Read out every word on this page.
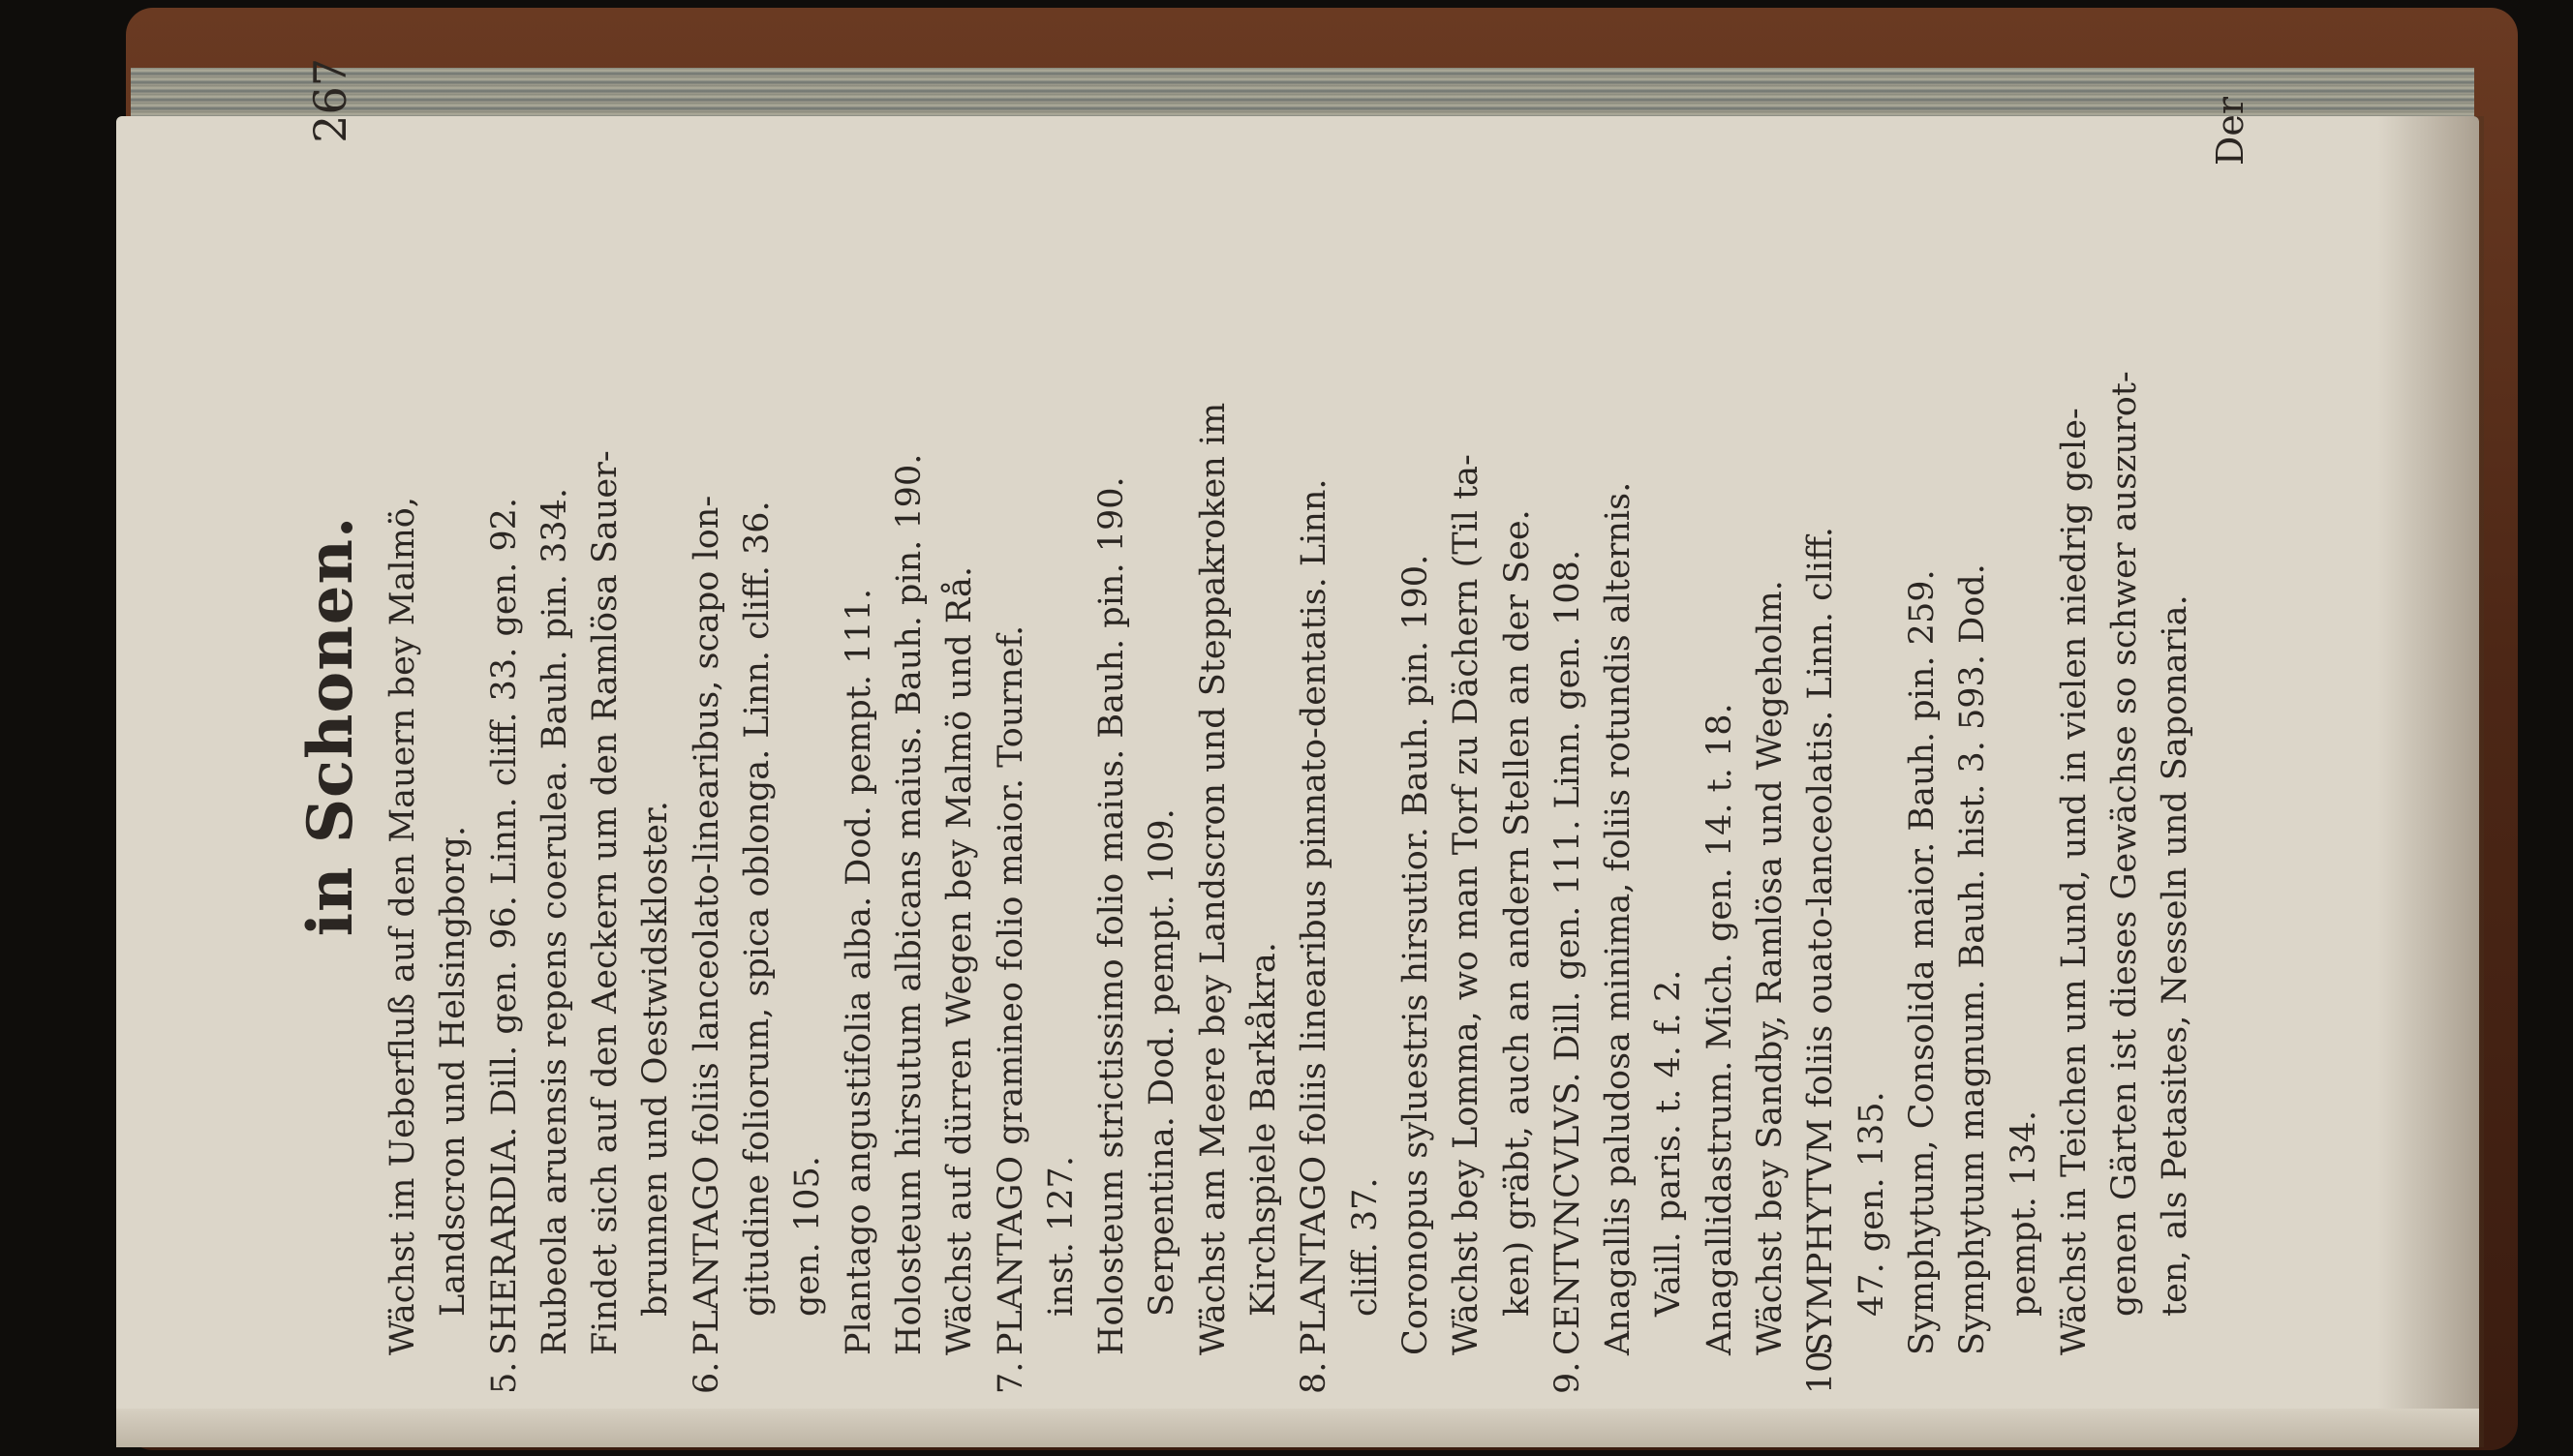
in Schonen.
267
Wächst im Ueberfluß auf den Mauern bey Malmö, Landscron und Helsingborg.
5.SHERARDIA. Dill. gen. 96. Linn. cliff. 33. gen. 92. Rubeola aruensis repens coerulea. Bauh. pin. 334. Findet sich auf den Aeckern um den Ramlösa Sauer- brunnen und Oestwidskloster.
6.PLANTAGO foliis lanceolato-linearibus, scapo lon- gitudine foliorum, spica oblonga. Linn. cliff. 36. gen. 105. Plantago angustifolia alba. Dod. pempt. 111. Holosteum hirsutum albicans maius. Bauh. pin. 190. Wächst auf dürren Wegen bey Malmö und Rå.
7.PLANTAGO gramineo folio maior. Tournef. inst. 127. Holosteum strictissimo folio maius. Bauh. pin. 190. Serpentina. Dod. pempt. 109. Wächst am Meere bey Landscron und Steppakroken im Kirchspiele Barkåkra.
8.PLANTAGO foliis linearibus pinnato-dentatis. Linn. cliff. 37. Coronopus syluestris hirsutior. Bauh. pin. 190. Wächst bey Lomma, wo man Torf zu Dächern (Til ta- ken) gräbt, auch an andern Stellen an der See.
9.CENTVNCVLVS. Dill. gen. 111. Linn. gen. 108. Anagallis paludosa minima, foliis rotundis alternis. Vaill. paris. t. 4. f. 2. Anagallidastrum. Mich. gen. 14. t. 18. Wächst bey Sandby, Ramlösa und Wegeholm.
10.SYMPHYTVM foliis ouato-lanceolatis. Linn. cliff. 47. gen. 135. Symphytum, Consolida maior. Bauh. pin. 259. Symphytum magnum. Bauh. hist. 3. 593. Dod. pempt. 134. Wächst in Teichen um Lund, und in vielen niedrig gele- genen Gärten ist dieses Gewächse so schwer auszurot- ten, als Petasites, Nesseln und Saponaria.
Der
